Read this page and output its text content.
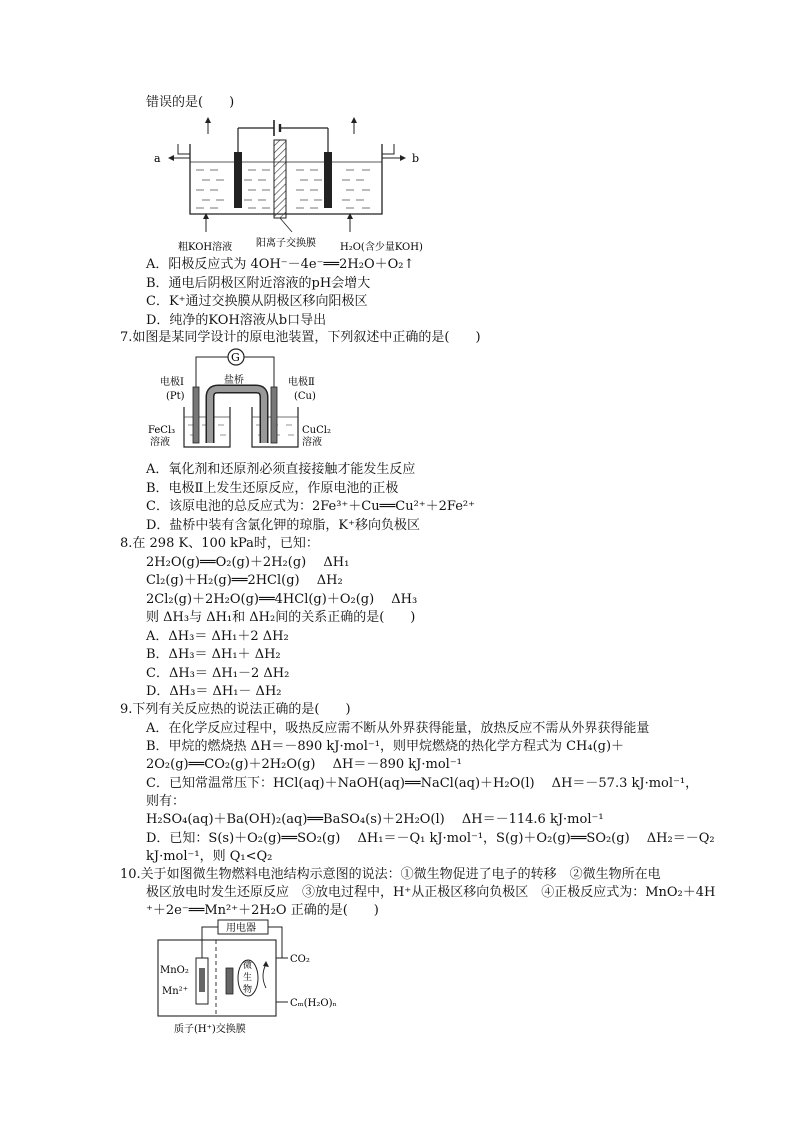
错误的是(　　)
a	b
粗KOH溶液 阳离子交换膜 H₂O(含少量KOH)
A．阳极反应式为 4OH⁻－4e⁻══2H₂O＋O₂↑
B．通电后阴极区附近溶液的pH会增大
C．K⁺通过交换膜从阴极区移向阳极区
D．纯净的KOH溶液从b口导出
7.如图是某同学设计的原电池装置，下列叙述中正确的是(　　)
G
盐桥
电极Ⅰ
(Pt)
电极Ⅱ
(Cu)
FeCl₃
溶液
CuCl₂
溶液
A．氧化剂和还原剂必须直接接触才能发生反应
B．电极Ⅱ上发生还原反应，作原电池的正极
C．该原电池的总反应式为：2Fe³⁺＋Cu══Cu²⁺＋2Fe²⁺
D．盐桥中装有含氯化钾的琼脂，K⁺移向负极区
8.在 298 K、100 kPa时，已知：
2H₂O(g)══O₂(g)＋2H₂(g)　 ΔH₁
Cl₂(g)＋H₂(g)══2HCl(g)　 ΔH₂
2Cl₂(g)＋2H₂O(g)══4HCl(g)＋O₂(g)　 ΔH₃
则 ΔH₃与 ΔH₁和 ΔH₂间的关系正确的是(　　)
A．ΔH₃＝ ΔH₁＋2 ΔH₂
B．ΔH₃＝ ΔH₁＋ ΔH₂
C．ΔH₃＝ ΔH₁－2 ΔH₂
D．ΔH₃＝ ΔH₁－ ΔH₂
9.下列有关反应热的说法正确的是(　　)
A．在化学反应过程中，吸热反应需不断从外界获得能量，放热反应不需从外界获得能量
B．甲烷的燃烧热 ΔH＝－890 kJ·mol⁻¹，则甲烷燃烧的热化学方程式为 CH₄(g)＋
2O₂(g)══CO₂(g)＋2H₂O(g)　 ΔH＝－890 kJ·mol⁻¹
C．已知常温常压下：HCl(aq)＋NaOH(aq)══NaCl(aq)＋H₂O(l)　 ΔH＝－57.3 kJ·mol⁻¹，
则有：
H₂SO₄(aq)＋Ba(OH)₂(aq)══BaSO₄(s)＋2H₂O(l)　 ΔH＝－114.6 kJ·mol⁻¹
D．已知：S(s)＋O₂(g)══SO₂(g)　 ΔH₁＝－Q₁ kJ·mol⁻¹，S(g)＋O₂(g)══SO₂(g)　 ΔH₂＝－Q₂
kJ·mol⁻¹，则 Q₁<Q₂
10.关于如图微生物燃料电池结构示意图的说法：①微生物促进了电子的转移　②微生物所在电
极区放电时发生还原反应　③放电过程中，H⁺从正极区移向负极区　④正极反应式为：MnO₂＋4H
⁺＋2e⁻══Mn²⁺＋2H₂O 正确的是(　　)
用电器
MnO₂
Mn²⁺
微
生
物
CO₂
Cₘ(H₂O)ₙ
质子(H⁺)交换膜
